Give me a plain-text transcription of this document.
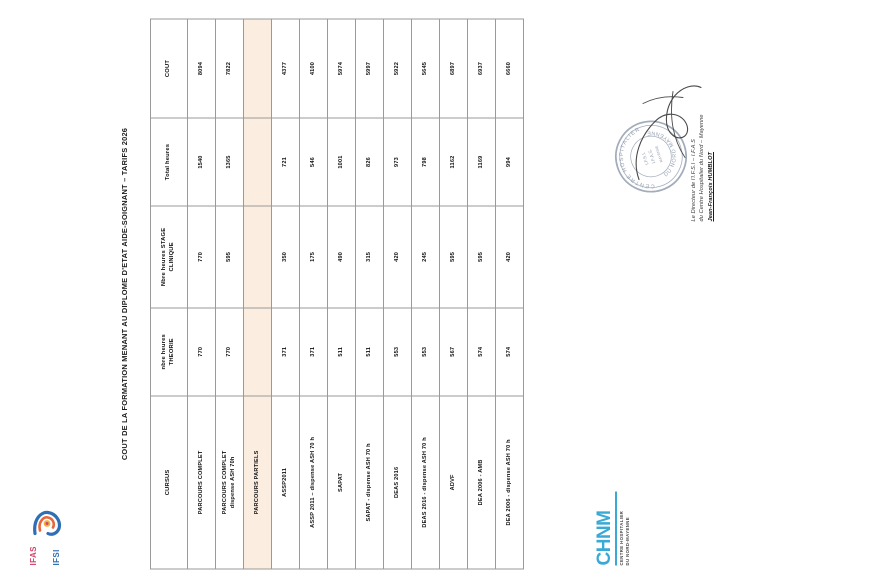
IFAS IFSI
COUT DE LA FORMATION MENANT AU DIPLOME D'ETAT AIDE-SOIGNANT – TARIFS 2026
CURSUS	nbre heures THEORIE	Nbre heures STAGE CLINIQUE	Total heures	COUT
PARCOURS COMPLET	770	770	1540	8094
PARCOURS COMPLET dispense ASH 70h	770	595	1365	7822
PARCOURS PARTIELS				
ASSP2011	371	350	721	4377
ASSP 2011 – dispense ASH 70 h	371	175	546	4100
SAPAT	511	490	1001	5974
SAPAT - dispense ASH 70 h	511	315	826	5997
DEAS 2016	553	420	973	5922
DEAS 2016 - dispense ASH 70 h	553	245	798	5645
ADVF	567	595	1162	6897
DEA 2006 - AMB	574	595	1169	6937
DEA 2006 - dispense ASH 70 h	574	420	994	6660
CENTRE HOSPITALIER
DU NORD MAYENNE
I.F.S.I.
I.F.A.S.
MAYENNE	Le Directeur de l'I.F.S.I – I.F.A.S du Centre Hospitalier du Nord – Mayenne Jean-François HUMBLOT
CHNM CENTRE HOSPITALIER DU NORD-MAYENNE
